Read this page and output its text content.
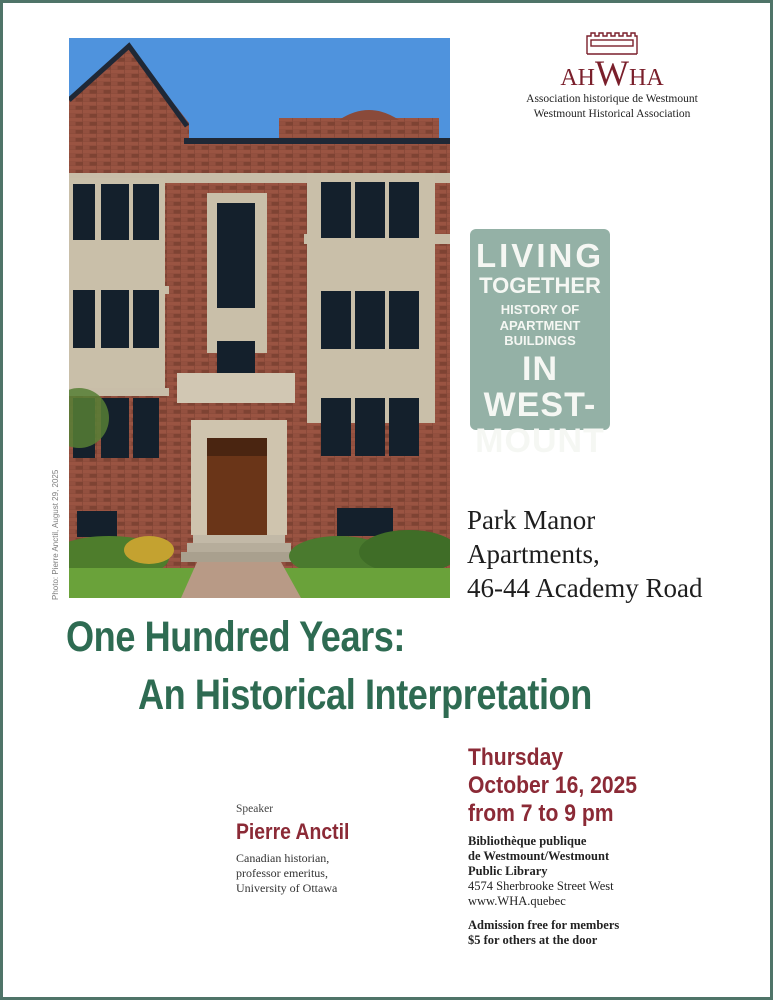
Photo: Pierre Anctil, August 29, 2025
AHWHA
Association historique de Westmount
Westmount Historical Association
LIVING
TOGETHER
HISTORY OF
APARTMENT
BUILDINGS
IN WEST-
MOUNT
Park Manor
Apartments,
46-44 Academy Road
One Hundred Years:
An Historical Interpretation
Speaker
Pierre Anctil
Canadian historian,
professor emeritus,
University of Ottawa
Thursday
October 16, 2025
from 7 to 9 pm
Bibliothèque publique
de Westmount/Westmount
Public Library
4574 Sherbrooke Street West
www.WHA.quebec
Admission free for members
$5 for others at the door
